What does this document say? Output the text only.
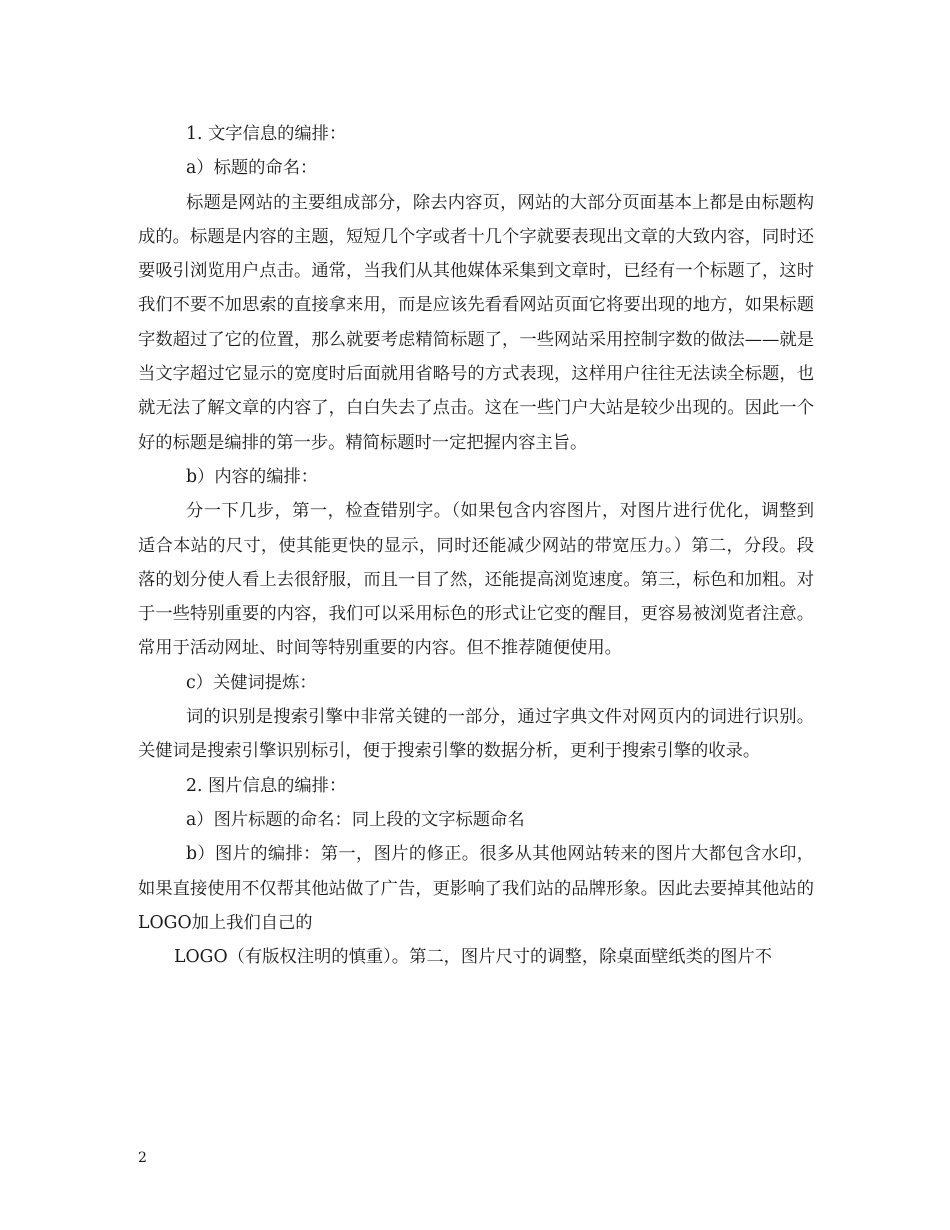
1. 文字信息的编排：

a）标题的命名：

标题是网站的主要组成部分，除去内容页，网站的大部分页面基本上都是由标题构成的。标题是内容的主题，短短几个字或者十几个字就要表现出文章的大致内容，同时还要吸引浏览用户点击。通常，当我们从其他媒体采集到文章时，已经有一个标题了，这时我们不要不加思索的直接拿来用，而是应该先看看网站页面它将要出现的地方，如果标题字数超过了它的位置，那么就要考虑精简标题了，一些网站采用控制字数的做法——就是当文字超过它显示的宽度时后面就用省略号的方式表现，这样用户往往无法读全标题，也就无法了解文章的内容了，白白失去了点击。这在一些门户大站是较少出现的。因此一个好的标题是编排的第一步。精简标题时一定把握内容主旨。

b）内容的编排：

分一下几步，第一，检查错别字。（如果包含内容图片，对图片进行优化，调整到适合本站的尺寸，使其能更快的显示，同时还能减少网站的带宽压力。）第二，分段。段落的划分使人看上去很舒服，而且一目了然，还能提高浏览速度。第三，标色和加粗。对于一些特别重要的内容，我们可以采用标色的形式让它变的醒目，更容易被浏览者注意。常用于活动网址、时间等特别重要的内容。但不推荐随便使用。

c）关健词提炼：

词的识别是搜索引擎中非常关键的一部分，通过字典文件对网页内的词进行识别。关健词是搜索引擎识别标引，便于搜索引擎的数据分析，更利于搜索引擎的收录。

2. 图片信息的编排：

a）图片标题的命名：同上段的文字标题命名

b）图片的编排：第一，图片的修正。很多从其他网站转来的图片大都包含水印，如果直接使用不仅帮其他站做了广告，更影响了我们站的品牌形象。因此去要掉其他站的LOGO加上我们自己的

LOGO（有版权注明的慎重）。第二，图片尺寸的调整，除桌面壁纸类的图片不

2
